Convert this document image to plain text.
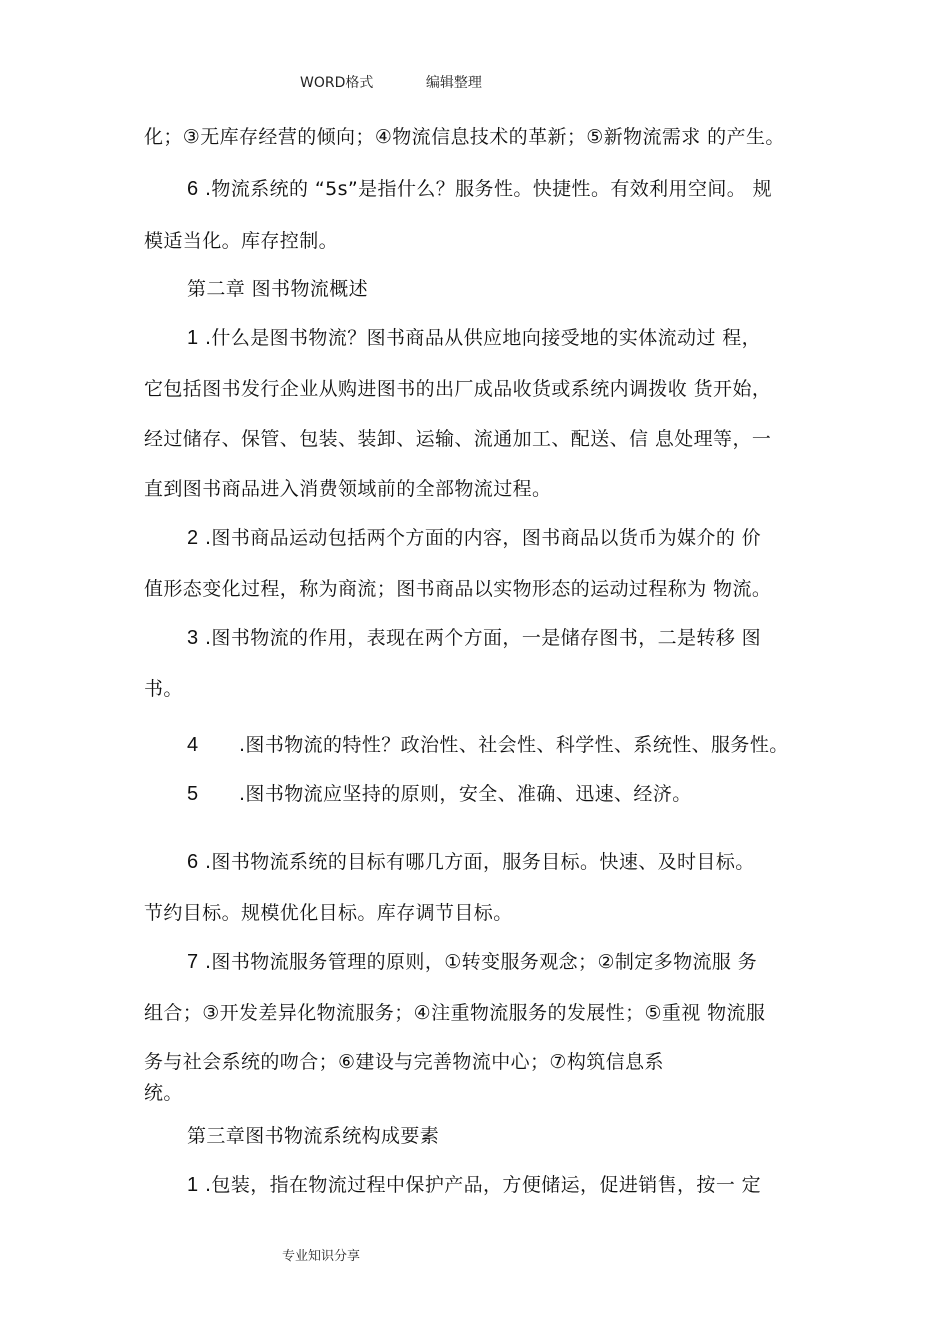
WORD格式	编辑整理
化；③无库存经营的倾向；④物流信息技术的革新；⑤新物流需求 的产生。
6 .物流系统的 “5s”是指什么？服务性。快捷性。有效利用空间。 规
模适当化。库存控制。
第二章 图书物流概述
1 .什么是图书物流？图书商品从供应地向接受地的实体流动过 程，
它包括图书发行企业从购进图书的出厂成品收货或系统内调拨收 货开始，
经过储存、保管、包装、装卸、运输、流通加工、配送、信 息处理等，一
直到图书商品进入消费领域前的全部物流过程。
2 .图书商品运动包括两个方面的内容，图书商品以货币为媒介的 价
值形态变化过程，称为商流；图书商品以实物形态的运动过程称为 物流。
3 .图书物流的作用，表现在两个方面，一是储存图书，二是转移 图
书。
4 .图书物流的特性？政治性、社会性、科学性、系统性、服务性。
5 .图书物流应坚持的原则，安全、准确、迅速、经济。
6 .图书物流系统的目标有哪几方面，服务目标。快速、及时目标。
节约目标。规模优化目标。库存调节目标。
7 .图书物流服务管理的原则，①转变服务观念；②制定多物流服 务
组合；③开发差异化物流服务；④注重物流服务的发展性；⑤重视 物流服
务与社会系统的吻合；⑥建设与完善物流中心；⑦构筑信息系
统。
第三章图书物流系统构成要素
1 .包装，指在物流过程中保护产品，方便储运，促进销售，按一 定
专业知识分享
